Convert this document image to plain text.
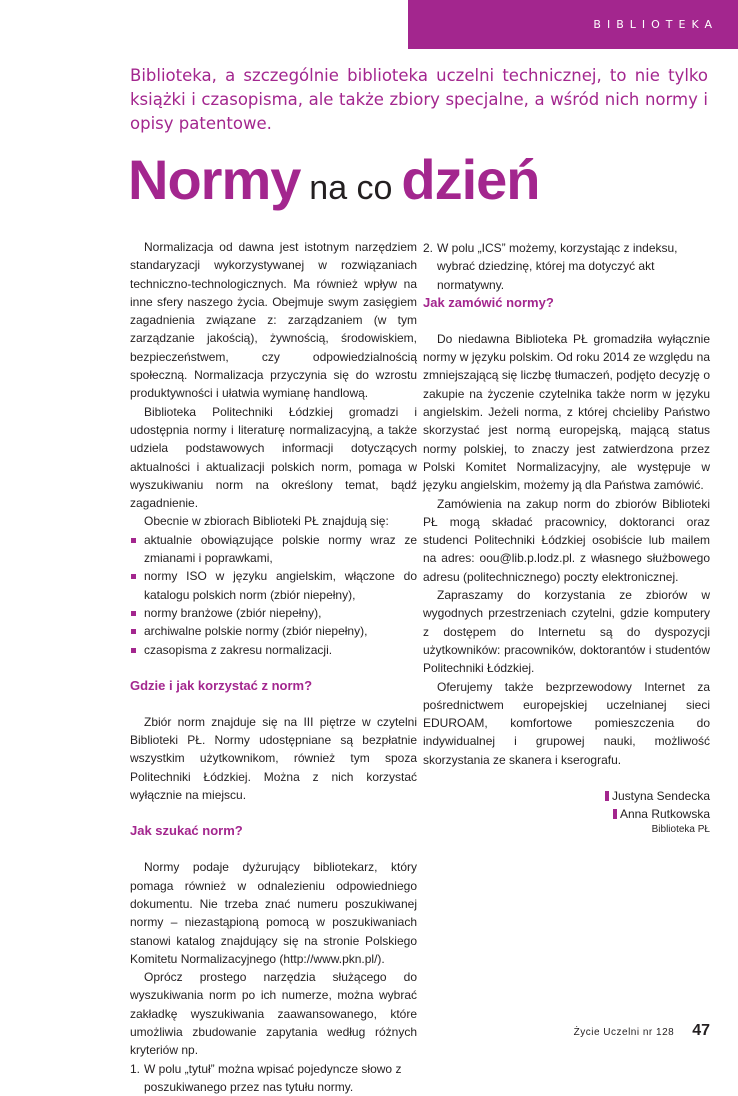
BIBLIOTEKA

Biblioteka, a szczególnie biblioteka uczelni technicznej, to nie tylko książki i czasopisma, ale także zbiory specjalne, a wśród nich normy i opisy patentowe.

Normy na co dzień

Normalizacja od dawna jest istotnym narzędziem standaryzacji wykorzystywanej w rozwiązaniach techniczno-technologicznych. Ma również wpływ na inne sfery naszego życia. Obejmuje swym zasięgiem zagadnienia związane z: zarządzaniem (w tym zarządzanie jakością), żywnością, środowiskiem, bezpieczeństwem, czy odpowiedzialnością społeczną. Normalizacja przyczynia się do wzrostu produktywności i ułatwia wymianę handlową.

Biblioteka Politechniki Łódzkiej gromadzi i udostępnia normy i literaturę normalizacyjną, a także udziela podstawowych informacji dotyczących aktualności i aktualizacji polskich norm, pomaga w wyszukiwaniu norm na określony temat, bądź zagadnienie.

Obecnie w zbiorach Biblioteki PŁ znajdują się:

aktualnie obowiązujące polskie normy wraz ze zmianami i poprawkami,
normy ISO w języku angielskim, włączone do katalogu polskich norm (zbiór niepełny),
normy branżowe (zbiór niepełny),
archiwalne polskie normy (zbiór niepełny),
czasopisma z zakresu normalizacji.
Gdzie i jak korzystać z norm?

Zbiór norm znajduje się na III piętrze w czytelni Biblioteki PŁ. Normy udostępniane są bezpłatnie wszystkim użytkownikom, również tym spoza Politechniki Łódzkiej. Można z nich korzystać wyłącznie na miejscu.

Jak szukać norm?

Normy podaje dyżurujący bibliotekarz, który pomaga również w odnalezieniu odpowiedniego dokumentu. Nie trzeba znać numeru poszukiwanej normy – niezastąpioną pomocą w poszukiwaniach stanowi katalog znajdujący się na stronie Polskiego Komitetu Normalizacyjnego (http://www.pkn.pl/).

Oprócz prostego narzędzia służącego do wyszukiwania norm po ich numerze, można wybrać zakładkę wyszukiwania zaawansowanego, które umożliwia zbudowanie zapytania według różnych kryteriów np.

1. W polu „tytuł” można wpisać pojedyncze słowo z poszukiwanego przez nas tytułu normy.
2. W polu „ICS” możemy, korzystając z indeksu, wybrać dziedzinę, której ma dotyczyć akt normatywny.
Jak zamówić normy?

Do niedawna Biblioteka PŁ gromadziła wyłącznie normy w języku polskim. Od roku 2014 ze względu na zmniejszającą się liczbę tłumaczeń, podjęto decyzję o zakupie na życzenie czytelnika także norm w języku angielskim. Jeżeli norma, z której chcieliby Państwo skorzystać jest normą europejską, mającą status normy polskiej, to znaczy jest zatwierdzona przez Polski Komitet Normalizacyjny, ale występuje w języku angielskim, możemy ją dla Państwa zamówić.

Zamówienia na zakup norm do zbiorów Biblioteki PŁ mogą składać pracownicy, doktoranci oraz studenci Politechniki Łódzkiej osobiście lub mailem na adres: oou@lib.p.lodz.pl. z własnego służbowego adresu (politechnicznego) poczty elektronicznej.

Zapraszamy do korzystania ze zbiorów w wygodnych przestrzeniach czytelni, gdzie komputery z dostępem do Internetu są do dyspozycji użytkowników: pracowników, doktorantów i studentów Politechniki Łódzkiej.

Oferujemy także bezprzewodowy Internet za pośrednictwem europejskiej uczelnianej sieci EDUROAM, komfortowe pomieszczenia do indywidualnej i grupowej nauki, możliwość skorzystania ze skanera i kserografu.

Justyna Sendecka
Anna Rutkowska
Biblioteka PŁ
Życie Uczelni nr 128 47
